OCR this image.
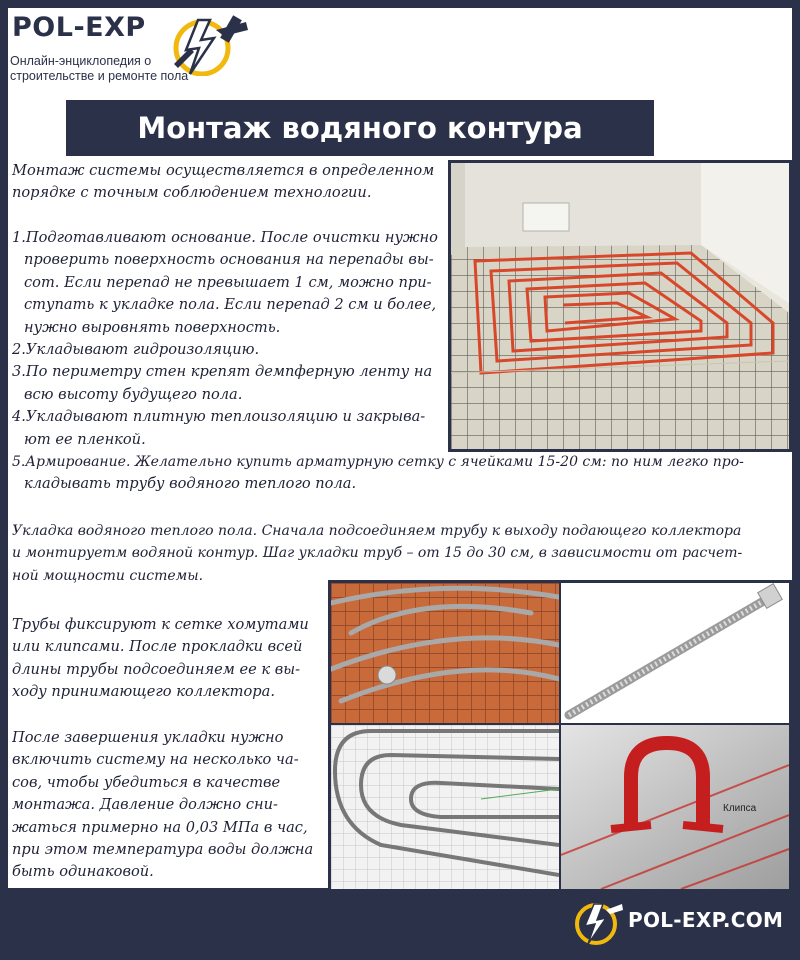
POL-EXP
Онлайн-энциклопедия о
строительстве и ремонте пола
Монтаж водяного контура
Монтаж системы осуществляется в определенном
порядке с точным соблюдением технологии.
1.Подготавливают основание. После очистки нужно
проверить поверхность основания на перепады вы-
сот. Если перепад не превышает 1 см, можно при-
ступать к укладке пола. Если перепад 2 см и более,
нужно выровнять поверхность.
2.Укладывают гидроизоляцию.
3.По периметру стен крепят демпферную ленту на
всю высоту будущего пола.
4.Укладывают плитную теплоизоляцию и закрыва-
ют ее пленкой.
5.Армирование. Желательно купить арматурную сетку с ячейками 15-20 см: по ним легко про-
кладывать трубу водяного теплого пола.
Укладка водяного теплого пола. Сначала подсоединяем трубу к выходу подающего коллектора
и монтируетм водяной контур. Шаг укладки труб – от 15 до 30 см, в зависимости от расчет-
ной мощности системы.
Трубы фиксируют к сетке хомутами
или клипсами. После прокладки всей
длины трубы подсоединяем ее к вы-
ходу принимающего коллектора.
После завершения укладки нужно
включить систему на несколько ча-
сов, чтобы убедиться в качестве
монтажа. Давление должно сни-
жаться примерно на 0,03 МПа в час,
при этом температура воды должна
быть одинаковой.
Клипса
POL-EXP.COM
